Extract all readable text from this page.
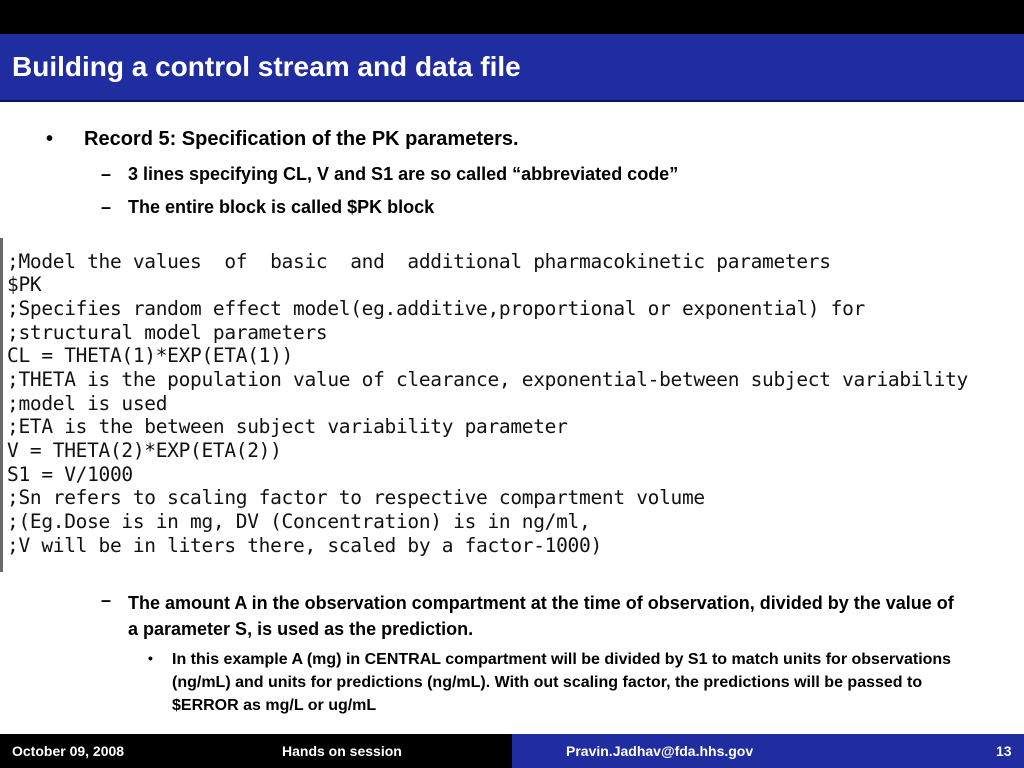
Building a control stream and data file
• Record 5: Specification of the PK parameters.
– 3 lines specifying CL, V and S1 are so called “abbreviated code”
– The entire block is called $PK block
;Model the values  of  basic  and  additional pharmacokinetic parameters
$PK
;Specifies random effect model(eg.additive,proportional or exponential) for
;structural model parameters
CL = THETA(1)*EXP(ETA(1))
;THETA is the population value of clearance, exponential-between subject variability
;model is used
;ETA is the between subject variability parameter
V = THETA(2)*EXP(ETA(2))
S1 = V/1000
;Sn refers to scaling factor to respective compartment volume
;(Eg.Dose is in mg, DV (Concentration) is in ng/ml,
;V will be in liters there, scaled by a factor-1000)
– The amount A in the observation compartment at the time of observation, divided by the value of a parameter S, is used as the prediction.
• In this example A (mg) in CENTRAL compartment will be divided by S1 to match units for observations (ng/mL) and units for predictions (ng/mL). With out scaling factor, the predictions will be passed to $ERROR as mg/L or ug/mL
October 09, 2008	Hands on session	Pravin.Jadhav@fda.hhs.gov	13
